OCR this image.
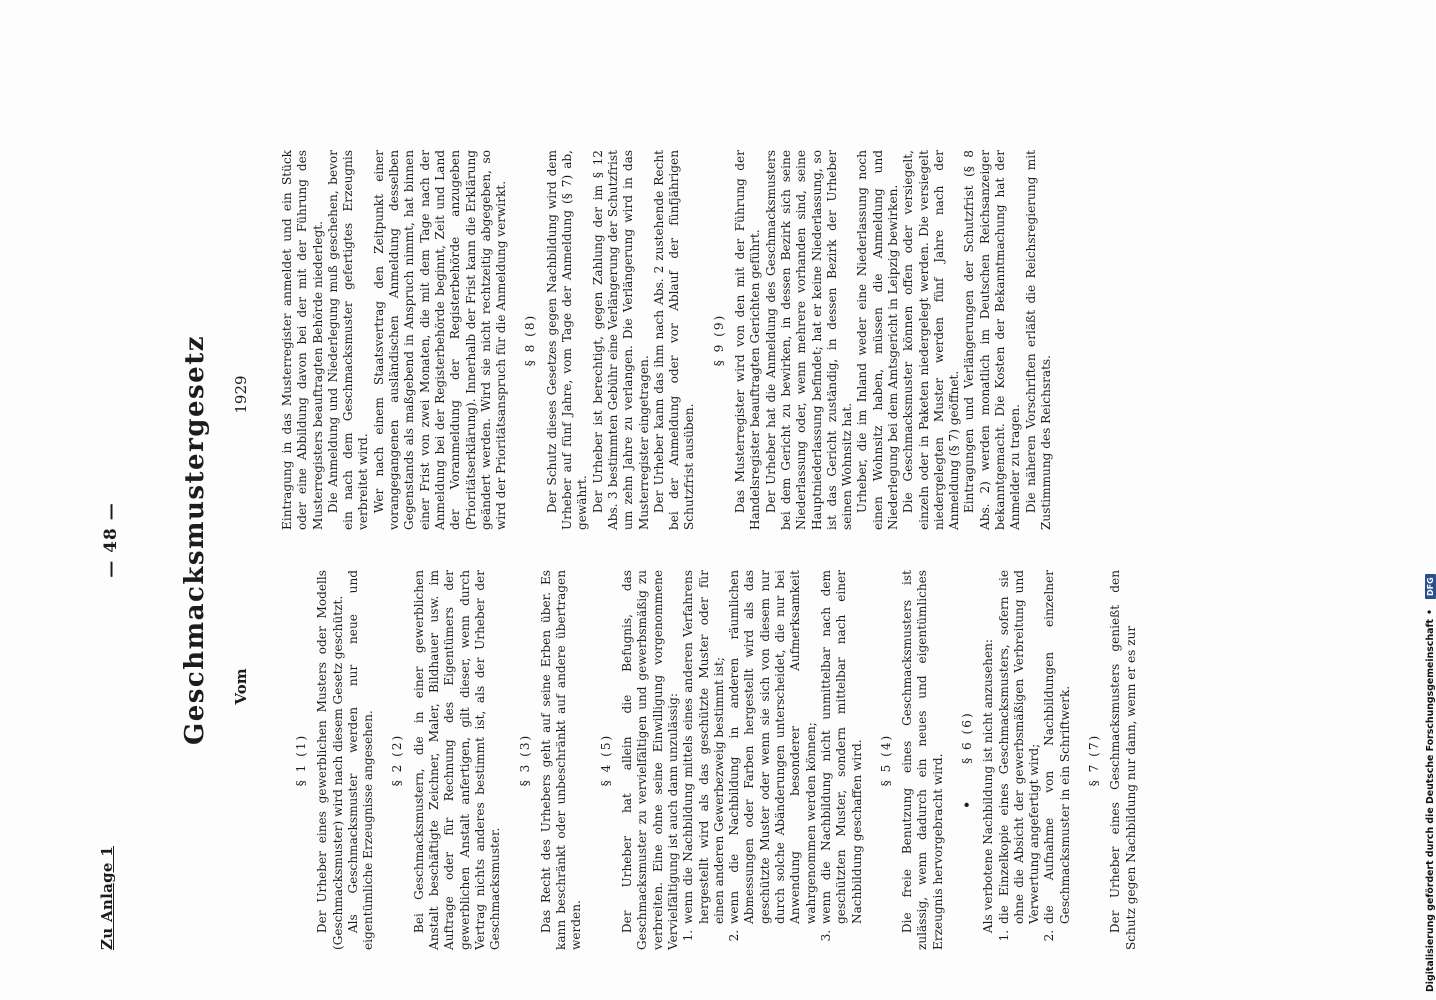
Zu Anlage 1
— 48 — Geschmacksmustergesetz Vom 1929

§ 1 (1) Der Urheber eines gewerblichen Musters oder Modells (Geschmacksmuster) wird nach diesem Gesetz geschützt. Als Geschmacksmuster werden nur neue und eigentümliche Erzeugnisse angesehen. § 2 (2) Bei Geschmacksmustern, die in einer gewerblichen Anstalt beschäftigte Zeichner, Maler, Bildhauer usw. im Auftrage oder für Rechnung des Eigentümers der gewerblichen Anstalt anfertigen, gilt dieser, wenn durch Vertrag nichts anderes bestimmt ist, als der Urheber der Geschmacksmuster.

§ 3 (3) Das Recht des Urhebers geht auf seine Erben über. Es kann beschränkt oder unbeschränkt auf andere übertragen werden.

§ 4 (5) Der Urheber hat allein die Befugnis, das Geschmacksmuster zu vervielfältigen und gewerbsmäßig zu verbreiten. Eine ohne seine Einwilligung vorgenommene Vervielfältigung ist auch dann unzulässig: 1. wenn die Nachbildung mittels eines anderen Verfahrens hergestellt wird als das geschützte Muster oder für einen anderen Gewerbezweig bestimmt ist; 2. wenn die Nachbildung in anderen räumlichen Abmessungen oder Farben hergestellt wird als das geschützte Muster oder wenn sie sich von diesem nur durch solche Abänderungen unterscheidet, die nur bei Anwendung besonderer Aufmerksamkeit wahrgenommen werden können; 3. wenn die Nachbildung nicht unmittelbar nach dem geschützten Muster, sondern mittelbar nach einer Nachbildung geschaffen wird. § 5 (4) Die freie Benutzung eines Geschmacksmusters ist zulässig, wenn dadurch ein neues und eigentümliches Erzeugnis hervorgebracht wird. •      § 6 (6) Als verbotene Nachbildung ist nicht anzusehen: 1. die Einzelkopie eines Geschmacksmusters, sofern sie ohne die Absicht der gewerbsmäßigen Verbreitung und Verwertung angefertigt wird; 2. die Aufnahme von Nachbildungen einzelner Geschmacksmuster in ein Schriftwerk. § 7 (7) Der Urheber eines Geschmacksmusters genießt den Schutz gegen Nachbildung nur dann, wenn er es zur

Eintragung in das Musterregister anmeldet und ein Stück oder eine Abbildung davon bei der mit der Führung des Musterregisters beauftragten Behörde niederlegt. Die Anmeldung und Niederlegung muß geschehen, bevor ein nach dem Geschmacksmuster gefertigtes Erzeugnis verbreitet wird. Wer nach einem Staatsvertrag den Zeitpunkt einer vorangegangenen ausländischen Anmeldung desselben Gegenstands als maßgebend in Anspruch nimmt, hat binnen einer Frist von zwei Monaten, die mit dem Tage nach der Anmeldung bei der Registerbehörde beginnt, Zeit und Land der Voranmeldung der Registerbehörde anzugeben (Prioritätserklärung). Innerhalb der Frist kann die Erklärung geändert werden. Wird sie nicht rechtzeitig abgegeben, so wird der Prioritätsanspruch für die Anmeldung verwirkt. § 8 (8) Der Schutz dieses Gesetzes gegen Nachbildung wird dem Urheber auf fünf Jahre, vom Tage der Anmeldung (§ 7) ab, gewährt. Der Urheber ist berechtigt, gegen Zahlung der im § 12 Abs. 3 bestimmten Gebühr eine Verlängerung der Schutzfrist um zehn Jahre zu verlangen. Die Verlängerung wird in das Musterregister eingetragen. Der Urheber kann das ihm nach Abs. 2 zustehende Recht bei der Anmeldung oder vor Ablauf der fünfjährigen Schutzfrist ausüben.

§ 9 (9) Das Musterregister wird von den mit der Führung der Handelsregister beauftragten Gerichten geführt. Der Urheber hat die Anmeldung des Geschmacksmusters bei dem Gericht zu bewirken, in dessen Bezirk sich seine Niederlassung oder, wenn mehrere vorhanden sind, seine Hauptniederlassung befindet; hat er keine Niederlassung, so ist das Gericht zuständig, in dessen Bezirk der Urheber seinen Wohnsitz hat. Urheber, die im Inland weder eine Niederlassung noch einen Wohnsitz haben, müssen die Anmeldung und Niederlegung bei dem Amtsgericht in Leipzig bewirken. Die Geschmacksmuster können offen oder versiegelt, einzeln oder in Paketen niedergelegt werden. Die versiegelt niedergelegten Muster werden fünf Jahre nach der Anmeldung (§ 7) geöffnet. Eintragungen und Verlängerungen der Schutzfrist (§ 8 Abs. 2) werden monatlich im Deutschen Reichsanzeiger bekanntgemacht. Die Kosten der Bekanntmachung hat der Anmelder zu tragen. Die näheren Vorschriften erläßt die Reichsregierung mit Zustimmung des Reichsrats.

Digitalisierung gefördert durch die Deutsche Forschungsgemeinschaft
•
DFG
